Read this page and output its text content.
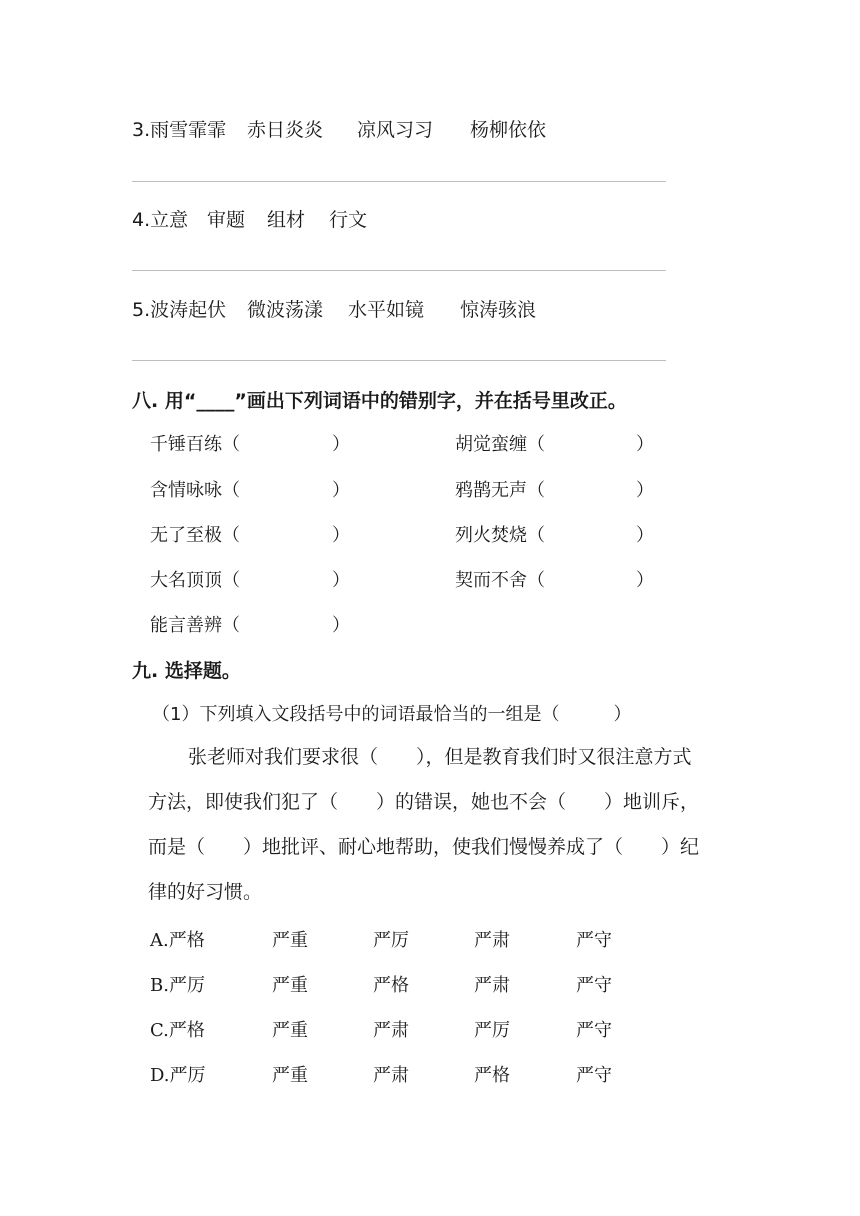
3.雨雪霏霏 赤日炎炎 凉风习习 杨柳依依
4.立意 审题 组材 行文
5.波涛起伏 微波荡漾 水平如镜 惊涛骇浪
八. 用“____”画出下列词语中的错别字，并在括号里改正。
千锤百练（	）	胡觉蛮缠（	）
含情咏咏（	）	鸦鹊无声（	）
无了至极（	）	列火焚烧（	）
大名顶顶（	）	契而不舍（	）
能言善辨（	）
九. 选择题。
（1）下列填入文段括号中的词语最恰当的一组是（　　　）
张老师对我们要求很（　　），但是教育我们时又很注意方式
方法，即使我们犯了（　　）的错误，她也不会（　　）地训斥，
而是（　　）地批评、耐心地帮助，使我们慢慢养成了（　　）纪
律的好习惯。
A.严格	严重	严厉	严肃	严守
B.严厉	严重	严格	严肃	严守
C.严格	严重	严肃	严厉	严守
D.严厉	严重	严肃	严格	严守
